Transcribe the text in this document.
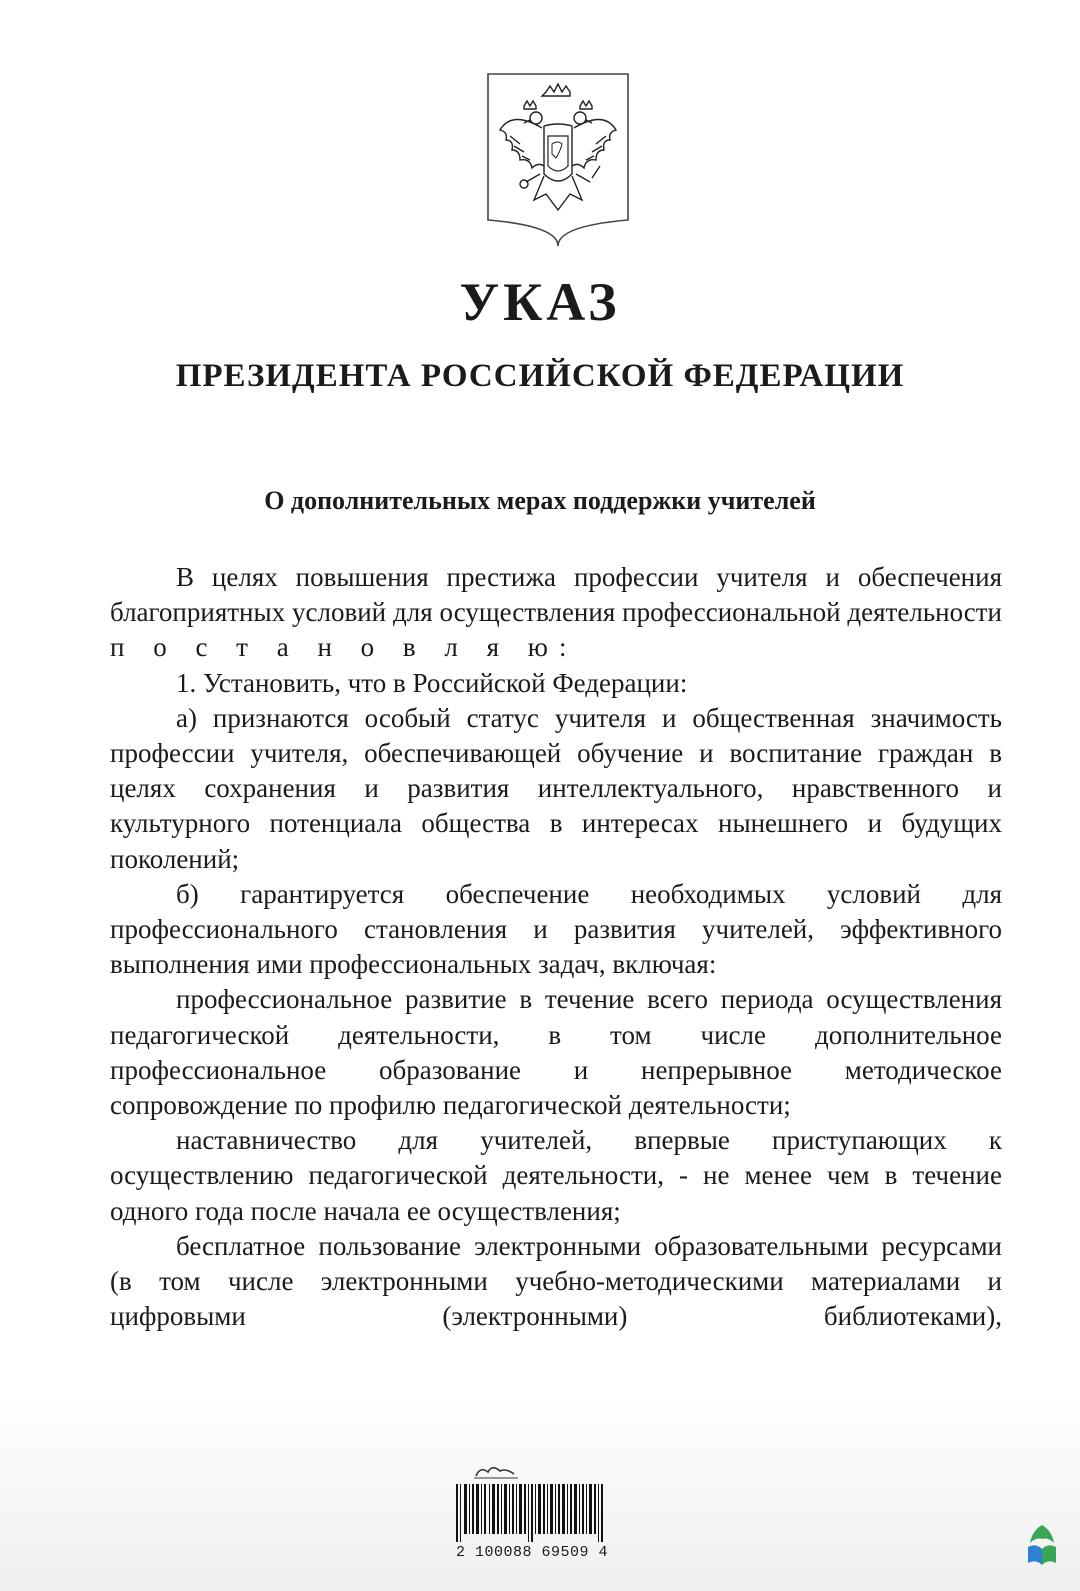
УКАЗ
ПРЕЗИДЕНТА РОССИЙСКОЙ ФЕДЕРАЦИИ
О дополнительных мерах поддержки учителей

В целях повышения престижа профессии учителя и обеспечения благоприятных условий для осуществления профессиональной деятельности п о с т а н о в л я ю:

1. Установить, что в Российской Федерации:

а) признаются особый статус учителя и общественная значимость профессии учителя, обеспечивающей обучение и воспитание граждан в целях сохранения и развития интеллектуального, нравственного и культурного потенциала общества в интересах нынешнего и будущих поколений;

б) гарантируется обеспечение необходимых условий для профессионального становления и развития учителей, эффективного выполнения ими профессиональных задач, включая:

профессиональное развитие в течение всего периода осуществления педагогической деятельности, в том числе дополнительное профессиональное образование и непрерывное методическое сопровождение по профилю педагогической деятельности;

наставничество для учителей, впервые приступающих к осуществлению педагогической деятельности, - не менее чем в течение одного года после начала ее осуществления;

бесплатное пользование электронными образовательными ресурсами (в том числе электронными учебно-методическими материалами и цифровыми (электронными) библиотеками),

2 100088 69509 4
